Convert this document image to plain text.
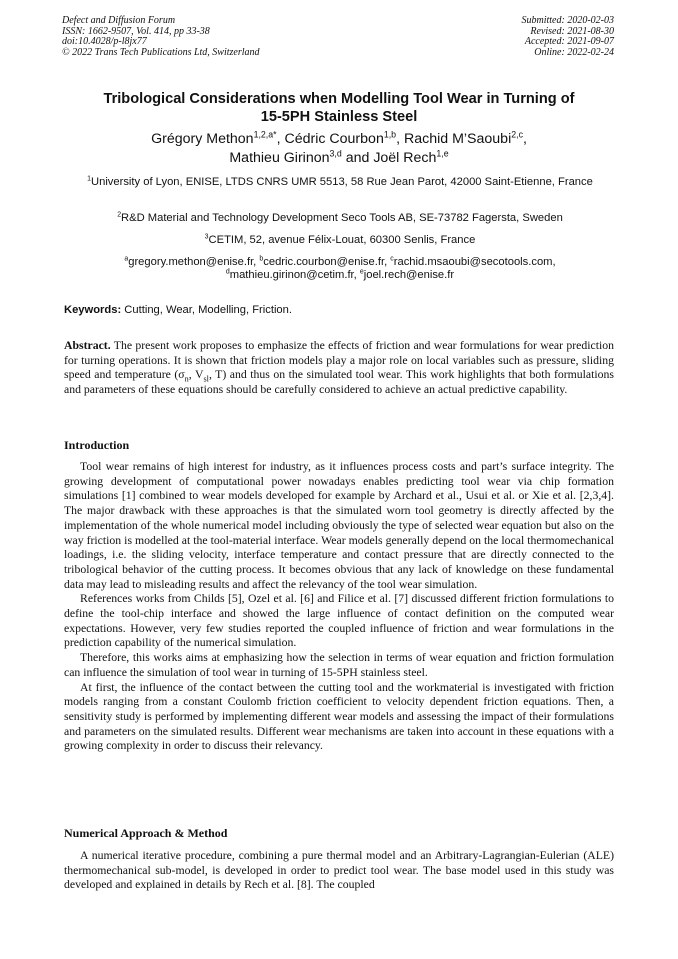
Defect and Diffusion Forum
ISSN: 1662-9507, Vol. 414, pp 33-38
doi:10.4028/p-l8jx77
© 2022 Trans Tech Publications Ltd, Switzerland
Submitted: 2020-02-03
Revised: 2021-08-30
Accepted: 2021-09-07
Online: 2022-02-24
Tribological Considerations when Modelling Tool Wear in Turning of
15-5PH Stainless Steel
Grégory Methon$^{1,2,a*}$, Cédric Courbon$^{1,b}$, Rachid M’Saoubi$^{2,c}$,
Mathieu Girinon$^{3,d}$ and Joël Rech$^{1,e}$
$^1$University of Lyon, ENISE, LTDS CNRS UMR 5513, 58 Rue Jean Parot, 42000 Saint-Etienne, France
$^2$R&D Material and Technology Development Seco Tools AB, SE-73782 Fagersta, Sweden
$^3$CETIM, 52, avenue Félix-Louat, 60300 Senlis, France
$^a$gregory.methon@enise.fr, $^b$cedric.courbon@enise.fr, $^c$rachid.msaoubi@secotools.com,
$^d$mathieu.girinon@cetim.fr, $^e$joel.rech@enise.fr
Keywords: Cutting, Wear, Modelling, Friction.

Abstract. The present work proposes to emphasize the effects of friction and wear formulations for wear prediction for turning operations. It is shown that friction models play a major role on local variables such as pressure, sliding speed and temperature ($\sigma_n$, $V_{sl}$, T) and thus on the simulated tool wear. This work highlights that both formulations and parameters of these equations should be carefully considered to achieve an actual predictive capability.

Introduction

Tool wear remains of high interest for industry, as it influences process costs and part’s surface integrity. The growing development of computational power nowadays enables predicting tool wear via chip formation simulations [1] combined to wear models developed for example by Archard et al., Usui et al. or Xie et al. [2,3,4]. The major drawback with these approaches is that the simulated worn tool geometry is directly affected by the implementation of the whole numerical model including obviously the type of selected wear equation but also on the way friction is modelled at the tool-material interface. Wear models generally depend on the local thermomechanical loadings, i.e. the sliding velocity, interface temperature and contact pressure that are directly connected to the tribological behavior of the cutting process. It becomes obvious that any lack of knowledge on these fundamental data may lead to misleading results and affect the relevancy of the tool wear simulation.

References works from Childs [5], Ozel et al. [6] and Filice et al. [7] discussed different friction formulations to define the tool-chip interface and showed the large influence of contact definition on the computed wear expectations. However, very few studies reported the coupled influence of friction and wear formulations in the prediction capability of the numerical simulation.

Therefore, this works aims at emphasizing how the selection in terms of wear equation and friction formulation can influence the simulation of tool wear in turning of 15-5PH stainless steel.

At first, the influence of the contact between the cutting tool and the workmaterial is investigated with friction models ranging from a constant Coulomb friction coefficient to velocity dependent friction equations. Then, a sensitivity study is performed by implementing different wear models and assessing the impact of their formulations and parameters on the simulated results. Different wear mechanisms are taken into account in these equations with a growing complexity in order to discuss their relevancy.

Numerical Approach & Method

A numerical iterative procedure, combining a pure thermal model and an Arbitrary-Lagrangian-Eulerian (ALE) thermomechanical sub-model, is developed in order to predict tool wear. The base model used in this study was developed and explained in details by Rech et al. [8]. The coupled
